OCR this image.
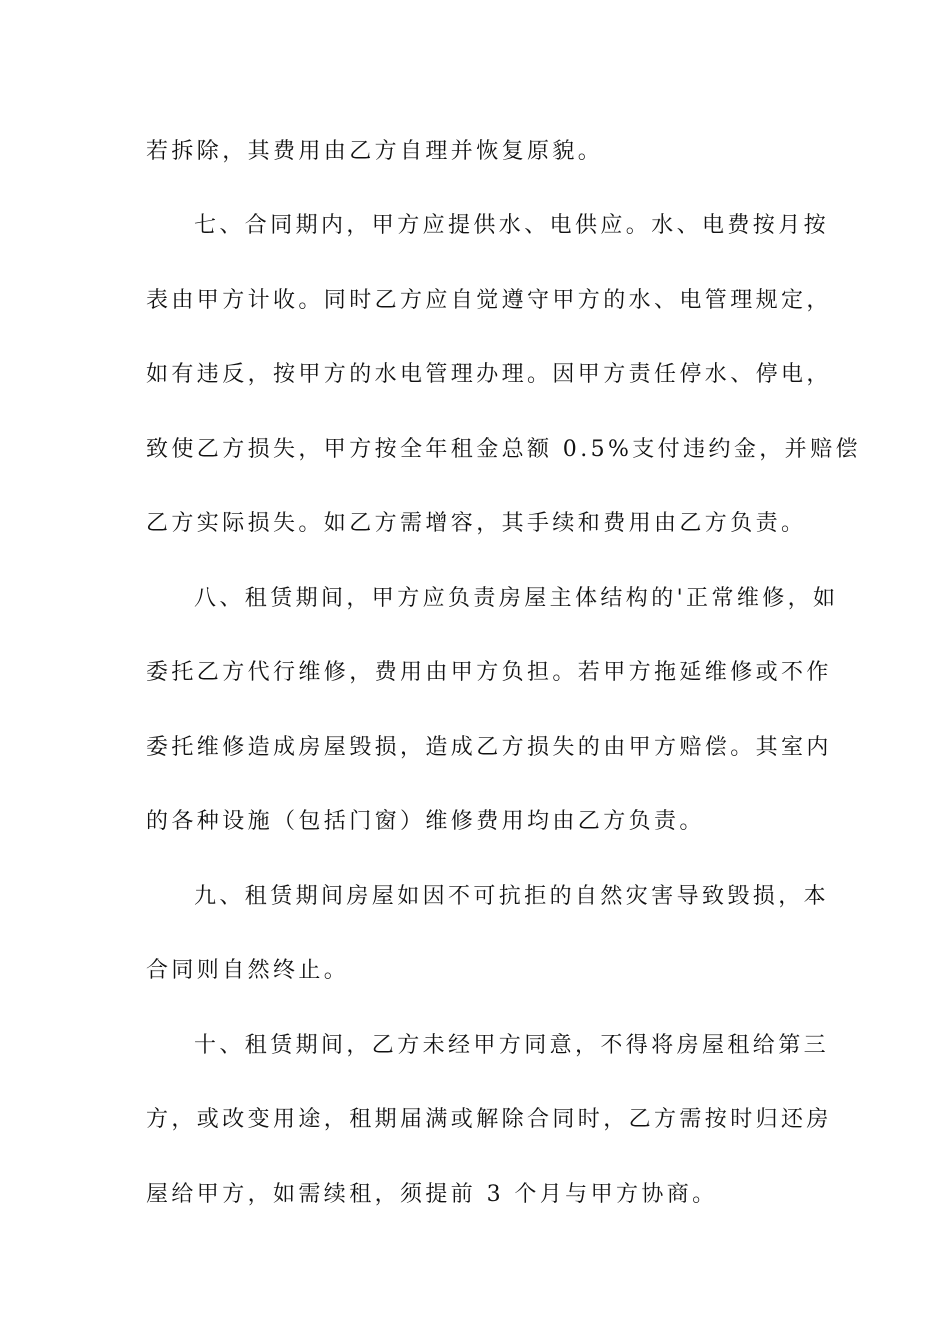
若拆除，其费用由乙方自理并恢复原貌。
七、合同期内，甲方应提供水、电供应。水、电费按月按
表由甲方计收。同时乙方应自觉遵守甲方的水、电管理规定，
如有违反，按甲方的水电管理办理。因甲方责任停水、停电，
致使乙方损失，甲方按全年租金总额 0.5%支付违约金，并赔偿
乙方实际损失。如乙方需增容，其手续和费用由乙方负责。
八、租赁期间，甲方应负责房屋主体结构的'正常维修，如
委托乙方代行维修，费用由甲方负担。若甲方拖延维修或不作
委托维修造成房屋毁损，造成乙方损失的由甲方赔偿。其室内
的各种设施（包括门窗）维修费用均由乙方负责。
九、租赁期间房屋如因不可抗拒的自然灾害导致毁损，本
合同则自然终止。
十、租赁期间，乙方未经甲方同意，不得将房屋租给第三
方，或改变用途，租期届满或解除合同时，乙方需按时归还房
屋给甲方，如需续租，须提前 3 个月与甲方协商。
